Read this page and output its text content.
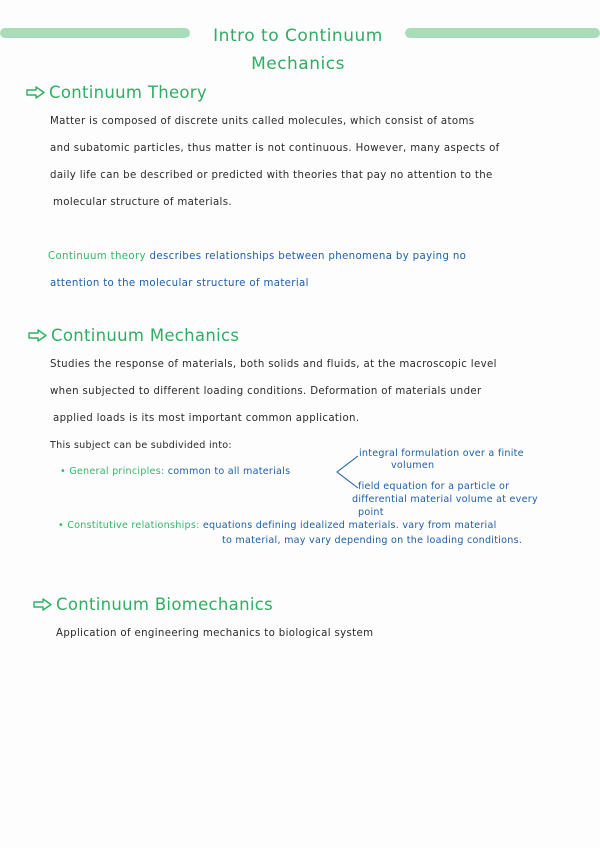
Intro to Continuum
Mechanics
Continuum Theory
Matter is composed of discrete units called molecules, which consist of atoms
and subatomic particles, thus matter is not continuous. However, many aspects of
daily life can be described or predicted with theories that pay no attention to the
molecular structure of materials.
Continuum theory describes relationships between phenomena by paying no
attention to the molecular structure of material
Continuum Mechanics
Studies the response of materials, both solids and fluids, at the macroscopic level
when subjected to different loading conditions. Deformation of materials under
applied loads is its most important common application.
This subject can be subdivided into:
• General principles: common to all materials
integral formulation over a finite
volumen
field equation for a particle or
differential material volume at every
point
• Constitutive relationships: equations defining idealized materials. vary from material
to material, may vary depending on the loading conditions.
Continuum Biomechanics
Application of engineering mechanics to biological system
